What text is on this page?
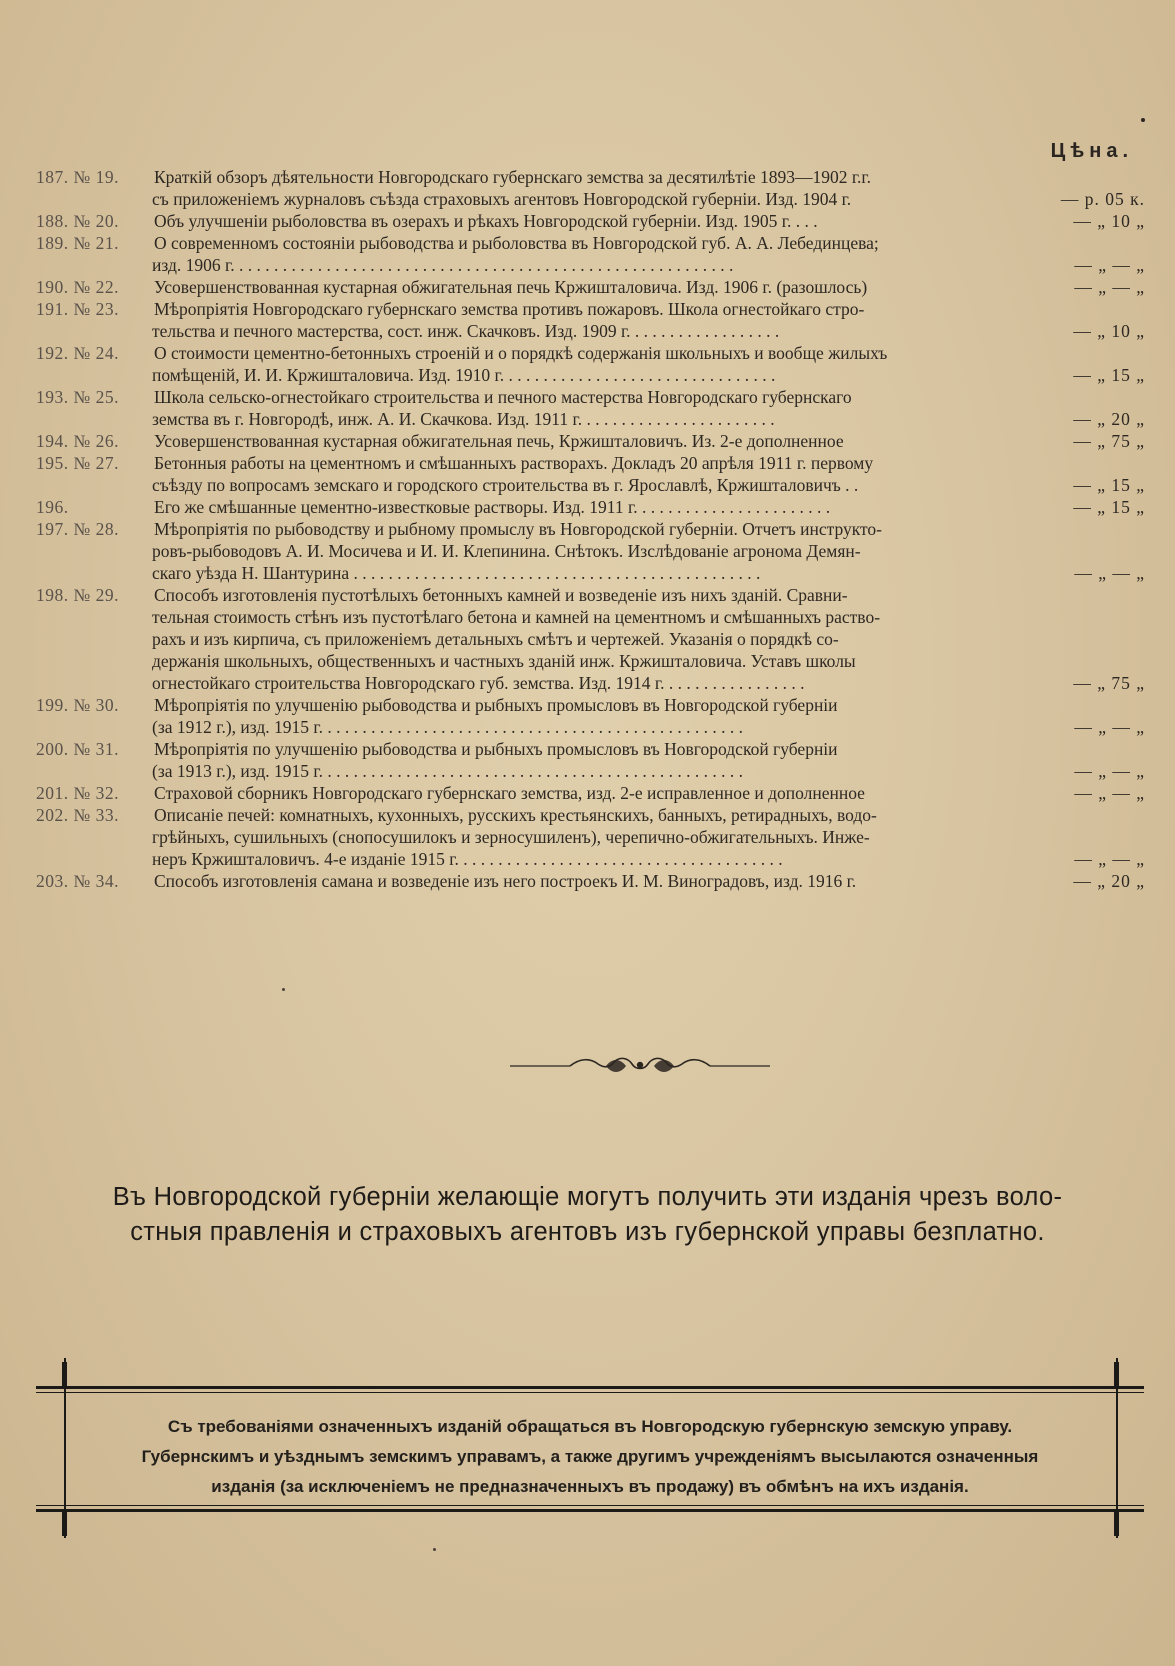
Цѣна.
187. № 19.	Краткій обзоръ дѣятельности Новгородскаго губернскаго земства за десятилѣтіе 1893—1902 г.г.
съ приложеніемъ журналовъ съѣзда страховыхъ агентовъ Новгородской губерніи. Изд. 1904 г.	— р. 05 к.
188. № 20.	Объ улучшеніи рыболовства въ озерахъ и рѣкахъ Новгородской губерніи. Изд. 1905 г. . . .	— „ 10 „
189. № 21.	О современномъ состояніи рыбоводства и рыболовства въ Новгородской губ. А. А. Лебединцева;
изд. 1906 г. . . . . . . . . . . . . . . . . . . . . . . . . . . . . . . . . . . . . . . . . . . . . . . . . . . . . . . . . .	— „ — „
190. № 22.	Усовершенствованная кустарная обжигательная печь Кржишталовича. Изд. 1906 г. (разошлось)	— „ — „
191. № 23.	Мѣропріятія Новгородскаго губернскаго земства противъ пожаровъ. Школа огнестойкаго стро-
тельства и печного мастерства, сост. инж. Скачковъ. Изд. 1909 г. . . . . . . . . . . . . . . . . .	— „ 10 „
192. № 24.	О стоимости цементно-бетонныхъ строеній и о порядкѣ содержанія школьныхъ и вообще жилыхъ
помѣщеній, И. И. Кржишталовича. Изд. 1910 г. . . . . . . . . . . . . . . . . . . . . . . . . . . . . . . .	— „ 15 „
193. № 25.	Школа сельско-огнестойкаго строительства и печного мастерства Новгородскаго губернскаго
земства въ г. Новгородѣ, инж. А. И. Скачкова. Изд. 1911 г. . . . . . . . . . . . . . . . . . . . . . .	— „ 20 „
194. № 26.	Усовершенствованная кустарная обжигательная печь, Кржишталовичъ. Из. 2-е дополненное	— „ 75 „
195. № 27.	Бетонныя работы на цементномъ и смѣшанныхъ растворахъ. Докладъ 20 апрѣля 1911 г. первому
съѣзду по вопросамъ земскаго и городского строительства въ г. Ярославлѣ, Кржишталовичъ . .	— „ 15 „
196.	Его же смѣшанные цементно-известковые растворы. Изд. 1911 г. . . . . . . . . . . . . . . . . . . . . . .	— „ 15 „
197. № 28.	Мѣропріятія по рыбоводству и рыбному промыслу въ Новгородской губерніи. Отчетъ инструкто-
ровъ-рыбоводовъ А. И. Мосичева и И. И. Клепинина. Снѣтокъ. Изслѣдованіе агронома Демян-
скаго уѣзда Н. Шантурина . . . . . . . . . . . . . . . . . . . . . . . . . . . . . . . . . . . . . . . . . . . . . . .	— „ — „
198. № 29.	Способъ изготовленія пустотѣлыхъ бетонныхъ камней и возведеніе изъ нихъ зданій. Сравни-
тельная стоимость стѣнъ изъ пустотѣлаго бетона и камней на цементномъ и смѣшанныхъ раство-
рахъ и изъ кирпича, съ приложеніемъ детальныхъ смѣтъ и чертежей. Указанія о порядкѣ со-
держанія школьныхъ, общественныхъ и частныхъ зданій инж. Кржишталовича. Уставъ школы
огнестойкаго строительства Новгородскаго губ. земства. Изд. 1914 г. . . . . . . . . . . . . . . . .	— „ 75 „
199. № 30.	Мѣропріятія по улучшенію рыбоводства и рыбныхъ промысловъ въ Новгородской губерніи
(за 1912 г.), изд. 1915 г. . . . . . . . . . . . . . . . . . . . . . . . . . . . . . . . . . . . . . . . . . . . . . . . .	— „ — „
200. № 31.	Мѣропріятія по улучшенію рыбоводства и рыбныхъ промысловъ въ Новгородской губерніи
(за 1913 г.), изд. 1915 г. . . . . . . . . . . . . . . . . . . . . . . . . . . . . . . . . . . . . . . . . . . . . . . . .	— „ — „
201. № 32.	Страховой сборникъ Новгородскаго губернскаго земства, изд. 2-е исправленное и дополненное	— „ — „
202. № 33.	Описаніе печей: комнатныхъ, кухонныхъ, русскихъ крестьянскихъ, банныхъ, ретирадныхъ, водо-
грѣйныхъ, сушильныхъ (снопосушилокъ и зерносушиленъ), черепично-обжигательныхъ. Инже-
неръ Кржишталовичъ. 4-е изданіе 1915 г. . . . . . . . . . . . . . . . . . . . . . . . . . . . . . . . . . . . . .	— „ — „
203. № 34.	Способъ изготовленія самана и возведеніе изъ него построекъ И. М. Виноградовъ, изд. 1916 г.	— „ 20 „
Въ Новгородской губерніи желающіе могутъ получить эти изданія чрезъ воло-
стныя правленія и страховыхъ агентовъ изъ губернской управы безплатно.
Съ требованіями означенныхъ изданій обращаться въ Новгородскую губернскую земскую управу.
Губернскимъ и уѣзднымъ земскимъ управамъ, а также другимъ учрежденіямъ высылаются означенныя
изданія (за исключеніемъ не предназначенныхъ въ продажу) въ обмѣнъ на ихъ изданія.
